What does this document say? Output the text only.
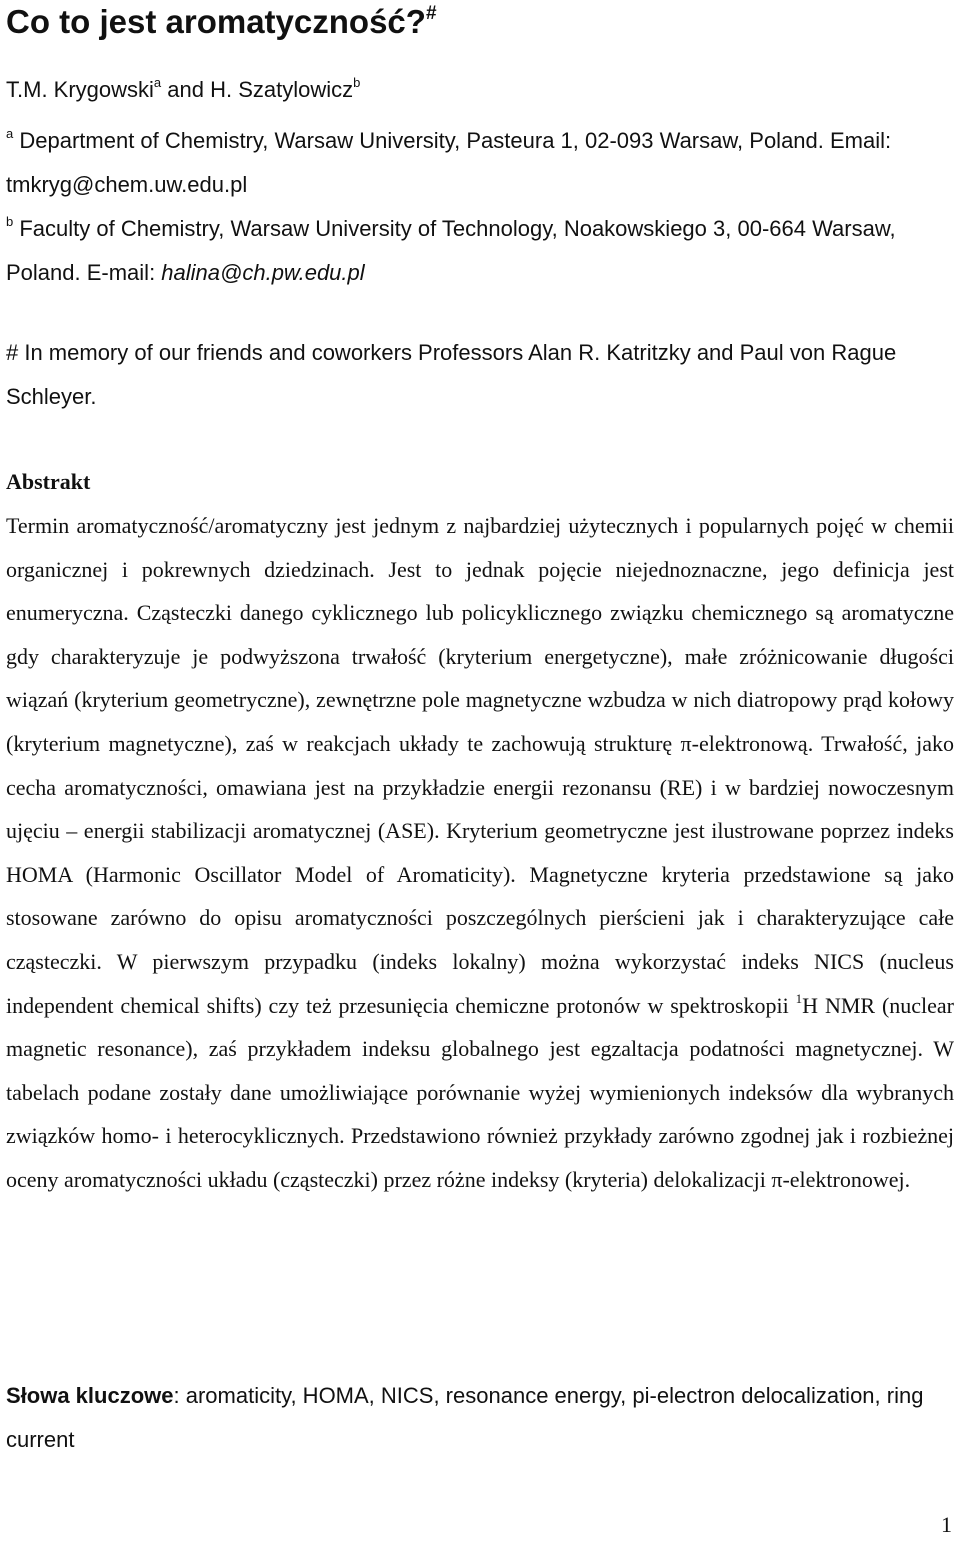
Co to jest aromatyczność?#
T.M. Krygowski$^a$ and H. Szatylowicz$^b$
$^a$ Department of Chemistry, Warsaw University, Pasteura 1, 02-093 Warsaw, Poland. Email: tmkryg@chem.uw.edu.pl
$^b$ Faculty of Chemistry, Warsaw University of Technology, Noakowskiego 3, 00-664 Warsaw, Poland. E-mail: halina@ch.pw.edu.pl
# In memory of our friends and coworkers Professors Alan R. Katritzky and Paul von Rague Schleyer.
Abstrakt

Termin aromatyczność/aromatyczny jest jednym z najbardziej użytecznych i popularnych pojęć w chemii organicznej i pokrewnych dziedzinach. Jest to jednak pojęcie niejednoznaczne, jego definicja jest enumeryczna. Cząsteczki danego cyklicznego lub policyklicznego związku chemicznego są aromatyczne gdy charakteryzuje je podwyższona trwałość (kryterium energetyczne), małe zróżnicowanie długości wiązań (kryterium geometryczne), zewnętrzne pole magnetyczne wzbudza w nich diatropowy prąd kołowy (kryterium magnetyczne), zaś w reakcjach układy te zachowują strukturę π-elektronową. Trwałość, jako cecha aromatyczności, omawiana jest na przykładzie energii rezonansu (RE) i w bardziej nowoczesnym ujęciu – energii stabilizacji aromatycznej (ASE). Kryterium geometryczne jest ilustrowane poprzez indeks HOMA (Harmonic Oscillator Model of Aromaticity). Magnetyczne kryteria przedstawione są jako stosowane zarówno do opisu aromatyczności poszczególnych pierścieni jak i charakteryzujące całe cząsteczki. W pierwszym przypadku (indeks lokalny) można wykorzystać indeks NICS (nucleus independent chemical shifts) czy też przesunięcia chemiczne protonów w spektroskopii $^1$H NMR (nuclear magnetic resonance), zaś przykładem indeksu globalnego jest egzaltacja podatności magnetycznej. W tabelach podane zostały dane umożliwiające porównanie wyżej wymienionych indeksów dla wybranych związków homo- i heterocyklicznych. Przedstawiono również przykłady zarówno zgodnej jak i rozbieżnej oceny aromatyczności układu (cząsteczki) przez różne indeksy (kryteria) delokalizacji π-elektronowej.

Słowa kluczowe: aromaticity, HOMA, NICS, resonance energy, pi-electron delocalization, ring current
1
